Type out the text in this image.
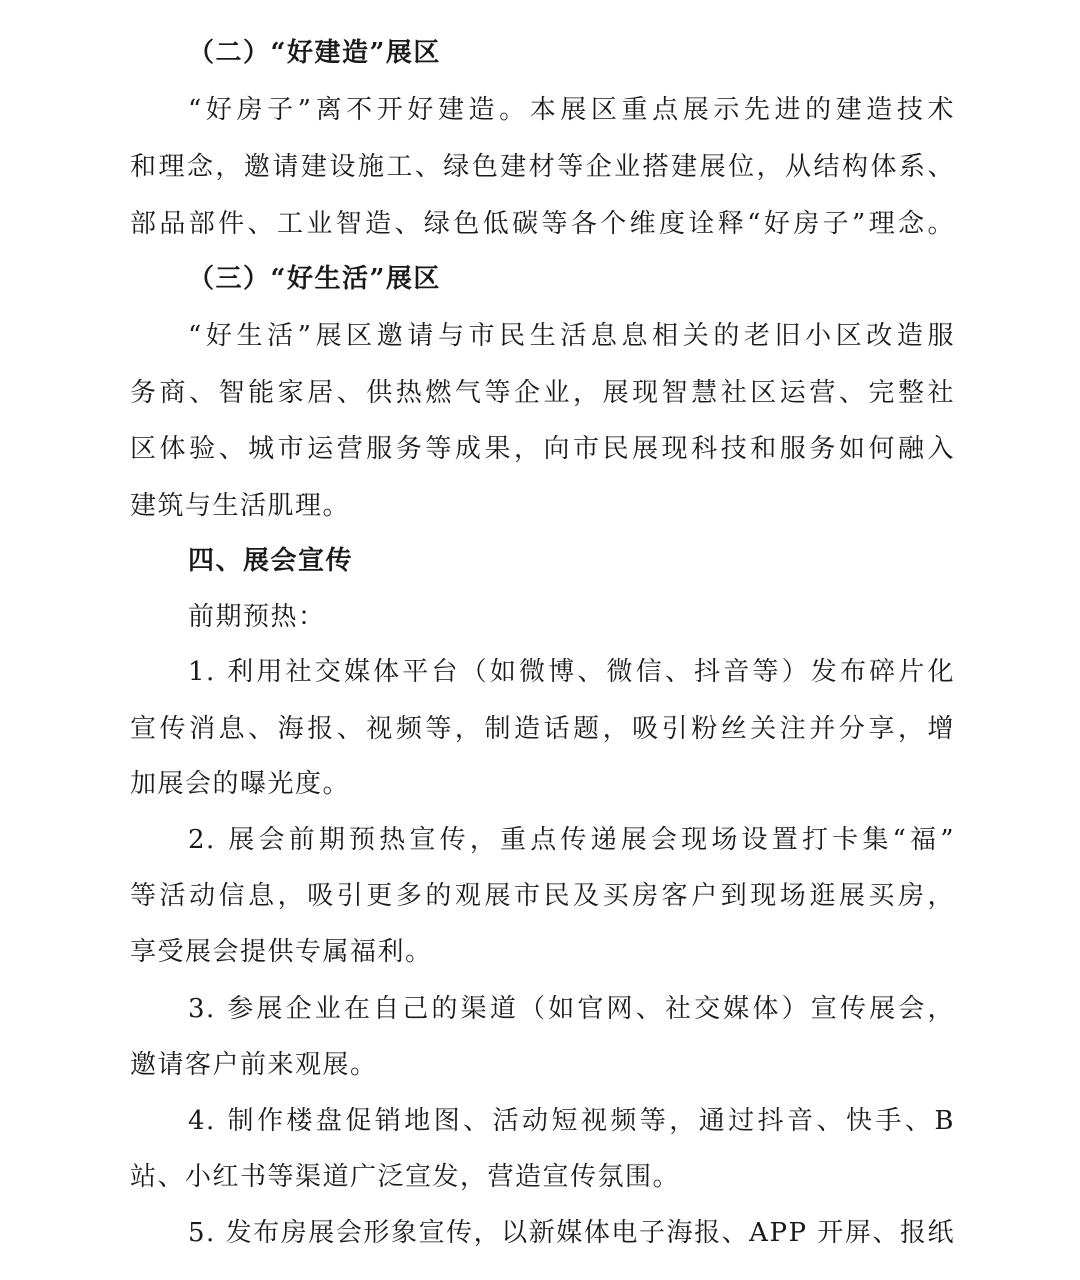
（二）“好建造”展区
“好房子”离不开好建造。本展区重点展示先进的建造技术
和理念，邀请建设施工、绿色建材等企业搭建展位，从结构体系、
部品部件、工业智造、绿色低碳等各个维度诠释“好房子”理念。
（三）“好生活”展区
“好生活”展区邀请与市民生活息息相关的老旧小区改造服
务商、智能家居、供热燃气等企业，展现智慧社区运营、完整社
区体验、城市运营服务等成果，向市民展现科技和服务如何融入
建筑与生活肌理。
四、展会宣传
前期预热：
1. 利用社交媒体平台（如微博、微信、抖音等）发布碎片化
宣传消息、海报、视频等，制造话题，吸引粉丝关注并分享，增
加展会的曝光度。
2. 展会前期预热宣传，重点传递展会现场设置打卡集“福”
等活动信息，吸引更多的观展市民及买房客户到现场逛展买房，
享受展会提供专属福利。
3. 参展企业在自己的渠道（如官网、社交媒体）宣传展会，
邀请客户前来观展。
4. 制作楼盘促销地图、活动短视频等，通过抖音、快手、B
站、小红书等渠道广泛宣发，营造宣传氛围。
5. 发布房展会形象宣传，以新媒体电子海报、APP 开屏、报纸
